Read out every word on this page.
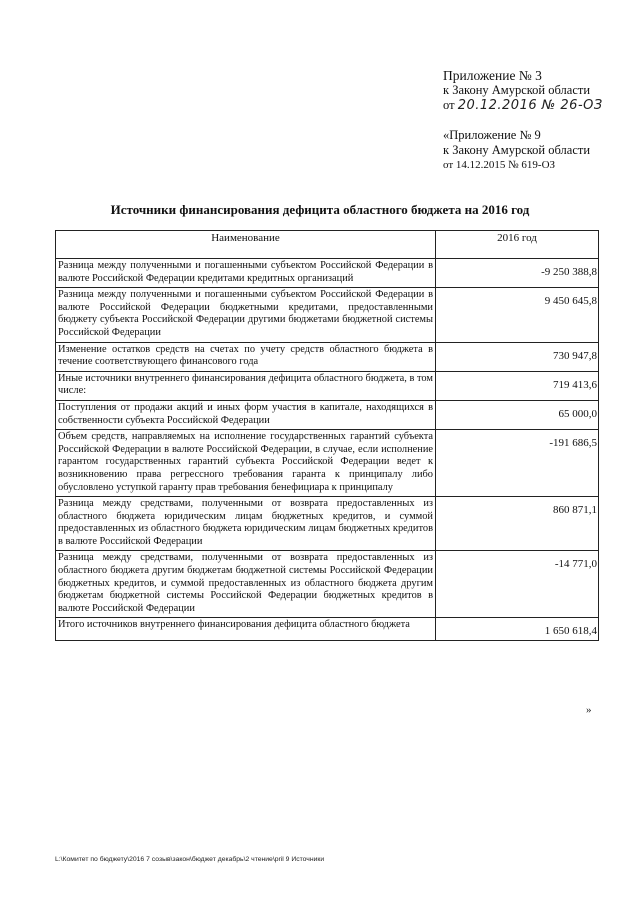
Приложение № 3
к Закону Амурской области
от 20.12.2016 № 26-ОЗ
«Приложение № 9
к Закону Амурской области
от 14.12.2015 № 619-ОЗ
Источники финансирования дефицита областного бюджета на 2016 год
Наименование	2016 год
Разница между полученными и погашенными субъектом Российской Федерации в валюте Российской Федерации кредитами кредитных организаций	-9 250 388,8
Разница между полученными и погашенными субъектом Российской Федерации в валюте Российской Федерации бюджетными кредитами, предоставленными бюджету субъекта Российской Федерации другими бюджетами бюджетной системы Российской Федерации	9 450 645,8
Изменение остатков средств на счетах по учету средств областного бюджета в течение соответствующего финансового года	730 947,8
Иные источники внутреннего финансирования дефицита областного бюджета, в том числе:	719 413,6
Поступления от продажи акций и иных форм участия в капитале, находящихся в собственности субъекта Российской Федерации	65 000,0
Объем средств, направляемых на исполнение государственных гарантий субъекта Российской Федерации в валюте Российской Федерации, в случае, если исполнение гарантом государственных гарантий субъекта Российской Федерации ведет к возникновению права регрессного требования гаранта к принципалу либо обусловлено уступкой гаранту прав требования бенефициара к принципалу	-191 686,5
Разница между средствами, полученными от возврата предоставленных из областного бюджета юридическим лицам бюджетных кредитов, и суммой предоставленных из областного бюджета юридическим лицам бюджетных кредитов в валюте Российской Федерации	860 871,1
Разница между средствами, полученными от возврата предоставленных из областного бюджета другим бюджетам бюджетной системы Российской Федерации бюджетных кредитов, и суммой предоставленных из областного бюджета другим бюджетам бюджетной системы Российской Федерации бюджетных кредитов в валюте Российской Федерации	-14 771,0
Итого источников внутреннего финансирования дефицита областного бюджета	1 650 618,4
»
L:\Комитет по бюджету\2016 7 созыв\закон\бюджет декабрь\2 чтение\pril 9 Источники
